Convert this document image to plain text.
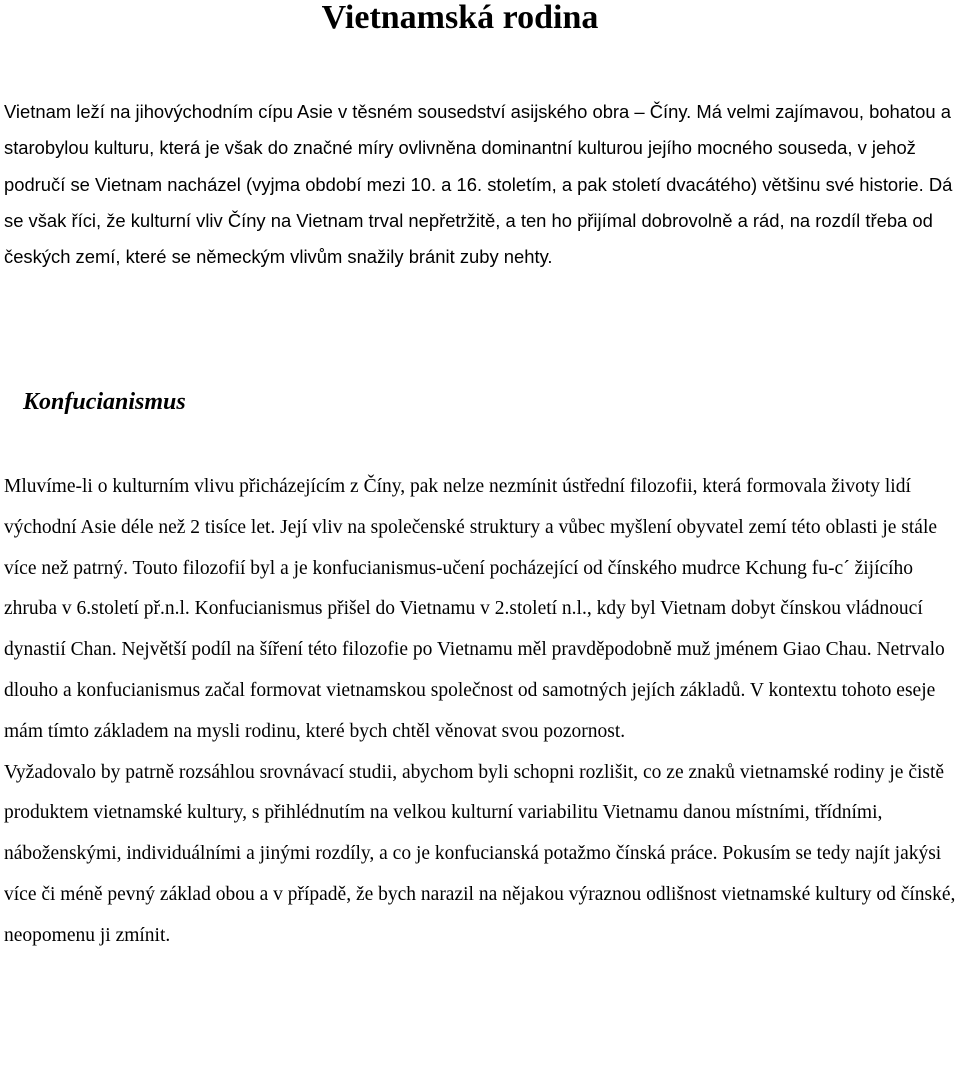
Vietnamská rodina

Vietnam leží na jihovýchodním cípu Asie v těsném sousedství asijského obra – Číny. Má velmi zajímavou, bohatou a starobylou kulturu, která je však do značné míry ovlivněna dominantní kulturou jejího mocného souseda, v jehož područí se Vietnam nacházel (vyjma období mezi 10. a 16. stoletím, a pak století dvacátého) většinu své historie. Dá se však říci, že kulturní vliv Číny na Vietnam trval nepřetržitě, a ten ho přijímal dobrovolně a rád, na rozdíl třeba od českých zemí, které se německým vlivům snažily bránit zuby nehty.

Konfucianismus
Mluvíme-li o kulturním vlivu přicházejícím z Číny, pak nelze nezmínit ústřední filozofii, která formovala životy lidí východní Asie déle než 2 tisíce let. Její vliv na společenské struktury a vůbec myšlení obyvatel zemí této oblasti je stále více než patrný. Touto filozofií byl a je konfucianismus-učení pocházející od čínského mudrce Kchung fu-c´ žijícího zhruba v 6.století př.n.l. Konfucianismus přišel do Vietnamu v 2.století n.l., kdy byl Vietnam dobyt čínskou vládnoucí dynastií Chan. Největší podíl na šíření této filozofie po Vietnamu měl pravděpodobně muž jménem Giao Chau. Netrvalo dlouho a konfucianismus začal formovat vietnamskou společnost od samotných jejích základů. V kontextu tohoto eseje mám tímto základem na mysli rodinu, které bych chtěl věnovat svou pozornost.
Vyžadovalo by patrně rozsáhlou srovnávací studii, abychom byli schopni rozlišit, co ze znaků vietnamské rodiny je čistě produktem vietnamské kultury, s přihlédnutím na velkou kulturní variabilitu Vietnamu danou místními, třídními, náboženskými, individuálními a jinými rozdíly, a co je konfucianská potažmo čínská práce. Pokusím se tedy najít jakýsi více či méně pevný základ obou a v případě, že bych narazil na nějakou výraznou odlišnost vietnamské kultury od čínské, neopomenu ji zmínit.
